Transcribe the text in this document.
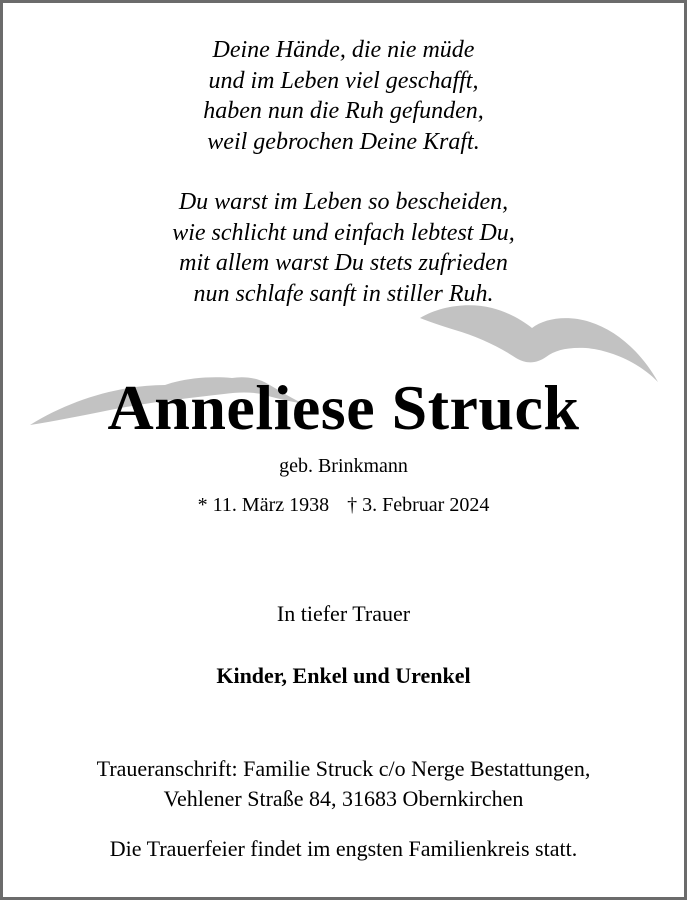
Deine Hände, die nie müde
und im Leben viel geschafft,
haben nun die Ruh gefunden,
weil gebrochen Deine Kraft.
Du warst im Leben so bescheiden,
wie schlicht und einfach lebtest Du,
mit allem warst Du stets zufrieden
nun schlafe sanft in stiller Ruh.
Anneliese Struck
geb. Brinkmann
* 11. März 1938 † 3. Februar 2024
In tiefer Trauer
Kinder, Enkel und Urenkel
Traueranschrift: Familie Struck c/o Nerge Bestattungen,
Vehlener Straße 84, 31683 Obernkirchen
Die Trauerfeier findet im engsten Familienkreis statt.
